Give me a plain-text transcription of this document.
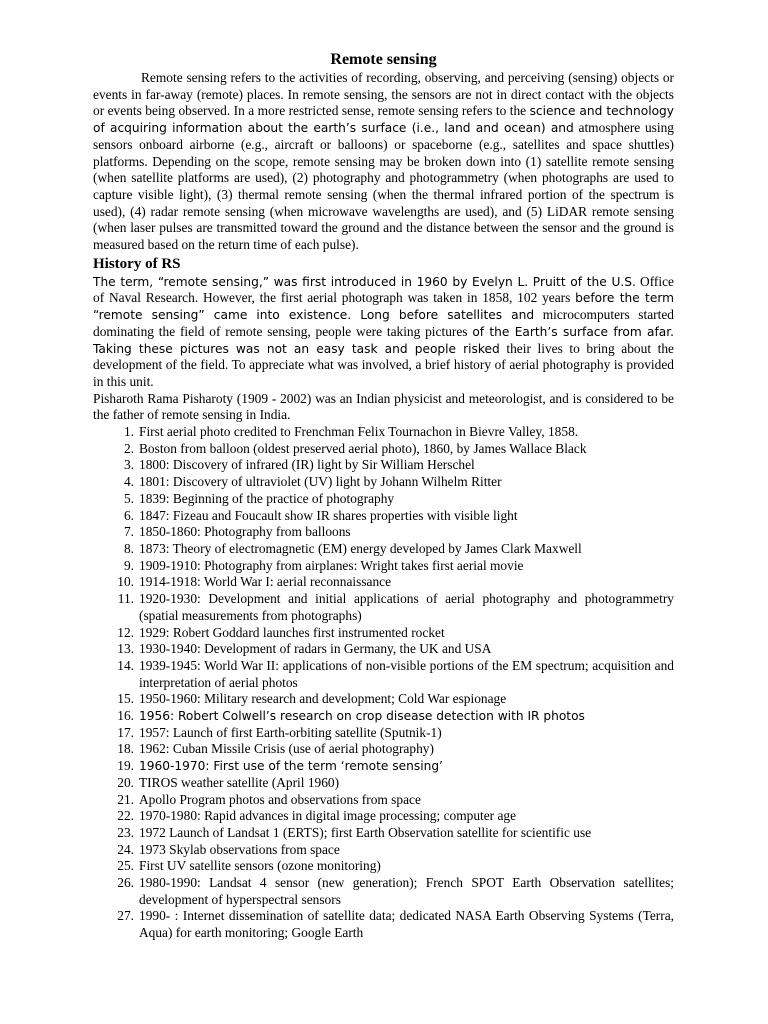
Remote sensing

Remote sensing refers to the activities of recording, observing, and perceiving (sensing) objects or events in far-away (remote) places. In remote sensing, the sensors are not in direct contact with the objects or events being observed. In a more restricted sense, remote sensing refers to the science and technology of acquiring information about the earth’s surface (i.e., land and ocean) and atmosphere using sensors onboard airborne (e.g., aircraft or balloons) or spaceborne (e.g., satellites and space shuttles) platforms. Depending on the scope, remote sensing may be broken down into (1) satellite remote sensing (when satellite platforms are used), (2) photography and photogrammetry (when photographs are used to capture visible light), (3) thermal remote sensing (when the thermal infrared portion of the spectrum is used), (4) radar remote sensing (when microwave wavelengths are used), and (5) LiDAR remote sensing (when laser pulses are transmitted toward the ground and the distance between the sensor and the ground is measured based on the return time of each pulse).

History of RS

The term, “remote sensing,” was first introduced in 1960 by Evelyn L. Pruitt of the U.S. Office of Naval Research. However, the first aerial photograph was taken in 1858, 102 years before the term “remote sensing” came into existence. Long before satellites and microcomputers started dominating the field of remote sensing, people were taking pictures of the Earth’s surface from afar. Taking these pictures was not an easy task and people risked their lives to bring about the development of the field. To appreciate what was involved, a brief history of aerial photography is provided in this unit.

Pisharoth Rama Pisharoty (1909 - 2002) was an Indian physicist and meteorologist, and is considered to be the father of remote sensing in India.

1. First aerial photo credited to Frenchman Felix Tournachon in Bievre Valley, 1858.
2. Boston from balloon (oldest preserved aerial photo), 1860, by James Wallace Black
3. 1800: Discovery of infrared (IR) light by Sir William Herschel
4. 1801: Discovery of ultraviolet (UV) light by Johann Wilhelm Ritter
5. 1839: Beginning of the practice of photography
6. 1847: Fizeau and Foucault show IR shares properties with visible light
7. 1850-1860: Photography from balloons
8. 1873: Theory of electromagnetic (EM) energy developed by James Clark Maxwell
9. 1909-1910: Photography from airplanes: Wright takes first aerial movie
10. 1914-1918: World War I: aerial reconnaissance
11. 1920-1930: Development and initial applications of aerial photography and photogrammetry (spatial measurements from photographs)
12. 1929: Robert Goddard launches first instrumented rocket
13. 1930-1940: Development of radars in Germany, the UK and USA
14. 1939-1945: World War II: applications of non-visible portions of the EM spectrum; acquisition and interpretation of aerial photos
15. 1950-1960: Military research and development; Cold War espionage
16. 1956: Robert Colwell’s research on crop disease detection with IR photos
17. 1957: Launch of first Earth-orbiting satellite (Sputnik-1)
18. 1962: Cuban Missile Crisis (use of aerial photography)
19. 1960-1970: First use of the term ‘remote sensing’
20. TIROS weather satellite (April 1960)
21. Apollo Program photos and observations from space
22. 1970-1980: Rapid advances in digital image processing; computer age
23. 1972 Launch of Landsat 1 (ERTS); first Earth Observation satellite for scientific use
24. 1973 Skylab observations from space
25. First UV satellite sensors (ozone monitoring)
26. 1980-1990: Landsat 4 sensor (new generation); French SPOT Earth Observation satellites; development of hyperspectral sensors
27. 1990- : Internet dissemination of satellite data; dedicated NASA Earth Observing Systems (Terra, Aqua) for earth monitoring; Google Earth
